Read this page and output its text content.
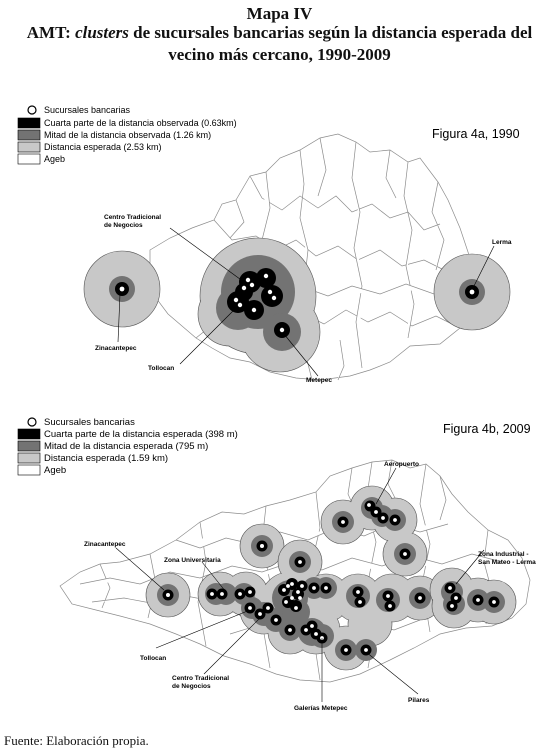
Mapa IV
AMT: clusters de sucursales bancarias según la distancia esperada del
vecino más cercano, 1990-2009
Sucursales bancarias
Cuarta parte de la distancia observada (0.63km)
Mitad de la distancia observada (1.26 km)
Distancia esperada (2.53 km)
Ageb
Figura 4a, 1990
Centro Tradicional
de Negocios
Lerma
Zinacantepec
Tollocan
Metepec
Sucursales bancarias
Cuarta parte de la distancia esperada (398 m)
Mitad de la distancia esperada (795 m)
Distancia esperada (1.59 km)
Ageb
Figura 4b, 2009
Zinacantepec
Zona Universitaria
Aeropuerto
Zona Industrial -
San Mateo - Lerma
Tollocan
Centro Tradicional
de Negocios
Pilares
Galerías Metepec
Fuente: Elaboración propia.
